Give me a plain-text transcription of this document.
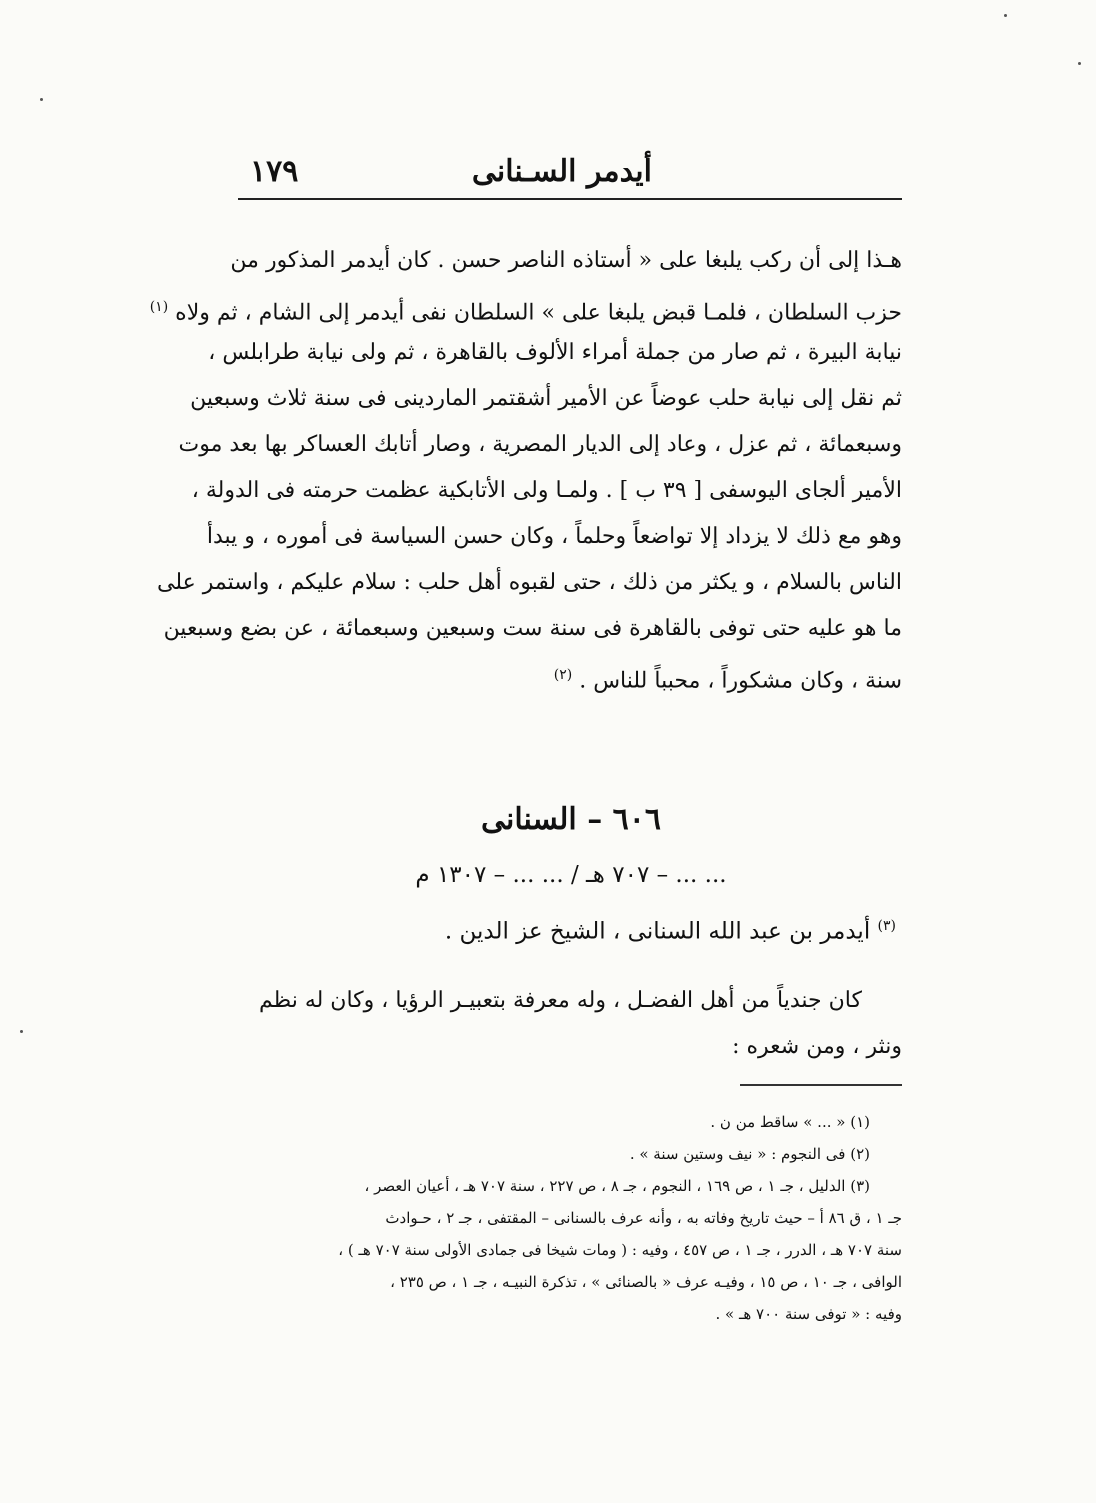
أيدمر السـنانى
١٧٩
هـذا إلى أن ركب يلبغا على « أستاذه الناصر حسن . كان أيدمر المذكور من
حزب السلطان ، فلمـا قبض يلبغا على » السلطان نفى أيدمر إلى الشام ، ثم ولاه $^{(١)}$
نيابة البيرة ، ثم صار من جملة أمراء الألوف بالقاهرة ، ثم ولى نيابة طرابلس ،
ثم نقل إلى نيابة حلب عوضاً عن الأمير أشقتمر الماردينى فى سنة ثلاث وسبعين
وسبعمائة ، ثم عزل ، وعاد إلى الديار المصرية ، وصار أتابك العساكر بها بعد موت
الأمير ألجاى اليوسفى [ ٣٩ ب ] . ولمـا ولى الأتابكية عظمت حرمته فى الدولة ،
وهو مع ذلك لا يزداد إلا تواضعاً وحلماً ، وكان حسن السياسة فى أموره ، و يبدأ
الناس بالسلام ، و يكثر من ذلك ، حتى لقبوه أهل حلب : سلام عليكم ، واستمر على
ما هو عليه حتى توفى بالقاهرة فى سنة ست وسبعين وسبعمائة ، عن بضع وسبعين
سنة ، وكان مشكوراً ، محبباً للناس . $^{(٢)}$
٦٠٦ – السنانى
... ... – ٧٠٧ هـ / ... ... – ١٣٠٧ م
$^{(٣)}$ أيدمر بن عبد الله السنانى ، الشيخ عز الدين .
كان جندياً من أهل الفضـل ، وله معرفة بتعبيـر الرؤيا ، وكان له نظم
ونثر ، ومن شعره :
(١) « ... » ساقط من ن .
(٢) فى النجوم : « نيف وستين سنة » .
(٣) الدليل ، جـ ١ ، ص ١٦٩ ، النجوم ، جـ ٨ ، ص ٢٢٧ ، سنة ٧٠٧ هـ ، أعيان العصر ،
جـ ١ ، ق ٨٦ أ – حيث تاريخ وفاته به ، وأنه عرف بالسنانى – المقتفى ، جـ ٢ ، حـوادث
سنة ٧٠٧ هـ ، الدرر ، جـ ١ ، ص ٤٥٧ ، وفيه : ( ومات شيخا فى جمادى الأولى سنة ٧٠٧ هـ ) ،
الوافى ، جـ ١٠ ، ص ١٥ ، وفيـه عرف « بالصنائى » ، تذكرة النبيـه ، جـ ١ ، ص ٢٣٥ ،
وفيه : « توفى سنة ٧٠٠ هـ » .
